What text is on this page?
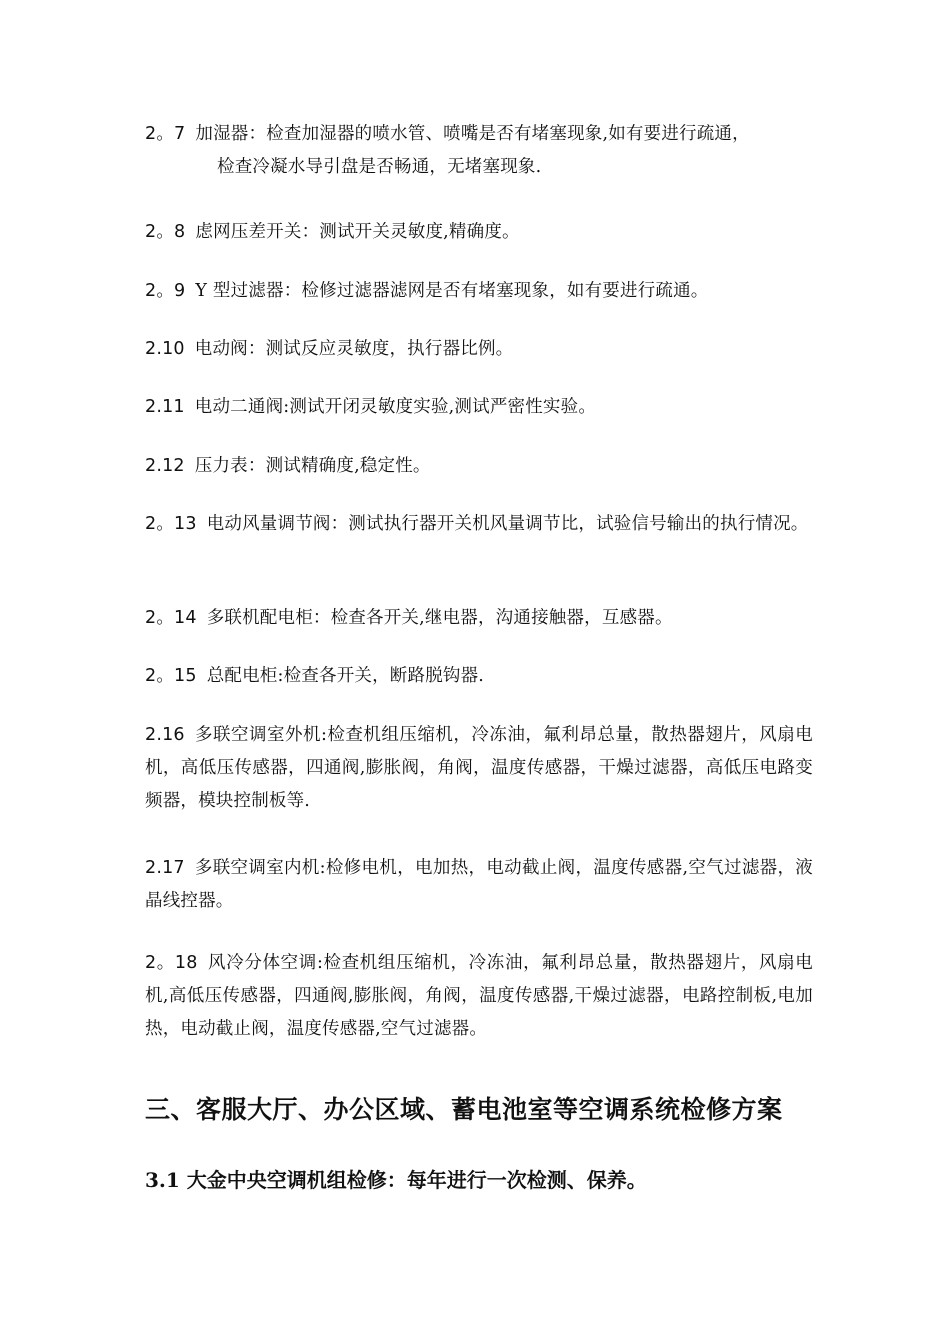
2。7 加湿器：检查加湿器的喷水管、喷嘴是否有堵塞现象,如有要进行疏通，
检查冷凝水导引盘是否畅通，无堵塞现象.

2。8 虑网压差开关：测试开关灵敏度,精确度。

2。9 Y 型过滤器：检修过滤器滤网是否有堵塞现象，如有要进行疏通。

2.10 电动阀：测试反应灵敏度，执行器比例。

2.11 电动二通阀:测试开闭灵敏度实验,测试严密性实验。

2.12 压力表：测试精确度,稳定性。

2。13 电动风量调节阀：测试执行器开关机风量调节比，试验信号输出的执行情况。

2。14 多联机配电柜：检查各开关,继电器，沟通接触器，互感器。

2。15 总配电柜:检查各开关，断路脱钩器.

2.16 多联空调室外机:检查机组压缩机，冷冻油，氟利昂总量，散热器翅片，风扇电机，高低压传感器，四通阀,膨胀阀，角阀，温度传感器，干燥过滤器，高低压电路变频器，模块控制板等.

2.17 多联空调室内机:检修电机，电加热，电动截止阀，温度传感器,空气过滤器，液晶线控器。

2。18 风冷分体空调:检查机组压缩机，冷冻油，氟利昂总量，散热器翅片，风扇电机,高低压传感器，四通阀,膨胀阀，角阀，温度传感器,干燥过滤器，电路控制板,电加热，电动截止阀，温度传感器,空气过滤器。

三、客服大厅、办公区域、蓄电池室等空调系统检修方案
3.1 大金中央空调机组检修：每年进行一次检测、保养。
